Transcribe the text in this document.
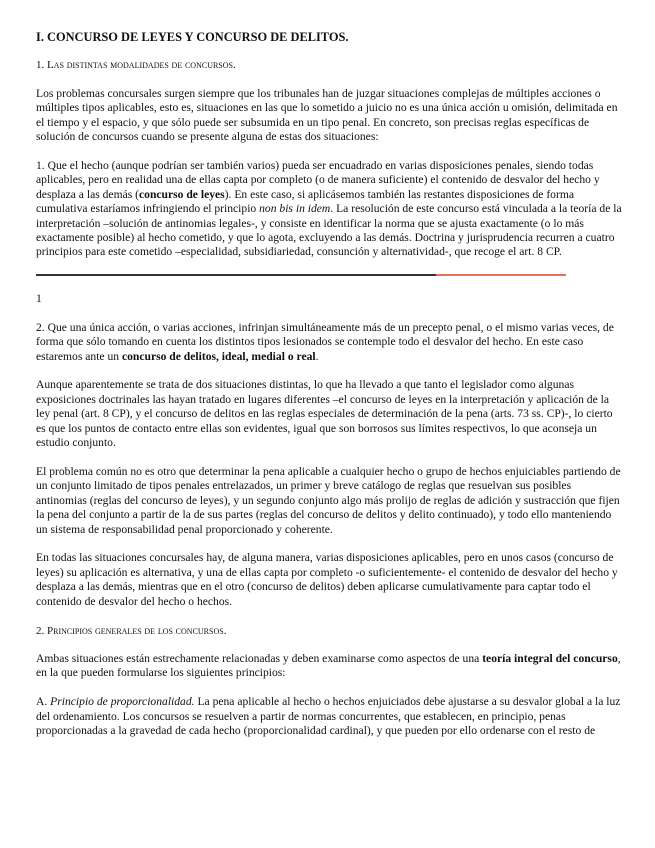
I. CONCURSO DE LEYES Y CONCURSO DE DELITOS.
1. Las distintas modalidades de concursos.

Los problemas concursales surgen siempre que los tribunales han de juzgar situaciones complejas de múltiples acciones o múltiples tipos aplicables, esto es, situaciones en las que lo sometido a juicio no es una única acción u omisión, delimitada en el tiempo y el espacio, y que sólo puede ser subsumida en un tipo penal. En concreto, son precisas reglas específicas de solución de concursos cuando se presente alguna de estas dos situaciones:

1. Que el hecho (aunque podrían ser también varios) pueda ser encuadrado en varias disposiciones penales, siendo todas aplicables, pero en realidad una de ellas capta por completo (o de manera suficiente) el contenido de desvalor del hecho y desplaza a las demás (concurso de leyes). En este caso, si aplicásemos también las restantes disposiciones de forma cumulativa estaríamos infringiendo el principio non bis in idem. La resolución de este concurso está vinculada a la teoría de la interpretación –solución de antinomias legales-, y consiste en identificar la norma que se ajusta exactamente (o lo más exactamente posible) al hecho cometido, y que lo agota, excluyendo a las demás. Doctrina y jurisprudencia recurren a cuatro principios para este cometido –especialidad, subsidiariedad, consunción y alternatividad-, que recoge el art. 8 CP.

1

2. Que una única acción, o varias acciones, infrinjan simultáneamente más de un precepto penal, o el mismo varias veces, de forma que sólo tomando en cuenta los distintos tipos lesionados se contemple todo el desvalor del hecho. En este caso estaremos ante un concurso de delitos, ideal, medial o real.

Aunque aparentemente se trata de dos situaciones distintas, lo que ha llevado a que tanto el legislador como algunas exposiciones doctrinales las hayan tratado en lugares diferentes –el concurso de leyes en la interpretación y aplicación de la ley penal (art. 8 CP), y el concurso de delitos en las reglas especiales de determinación de la pena (arts. 73 ss. CP)-, lo cierto es que los puntos de contacto entre ellas son evidentes, igual que son borrosos sus límites respectivos, lo que aconseja un estudio conjunto.

El problema común no es otro que determinar la pena aplicable a cualquier hecho o grupo de hechos enjuiciables partiendo de un conjunto limitado de tipos penales entrelazados, un primer y breve catálogo de reglas que resuelvan sus posibles antinomias (reglas del concurso de leyes), y un segundo conjunto algo más prolijo de reglas de adición y sustracción que fijen la pena del conjunto a partir de la de sus partes (reglas del concurso de delitos y delito continuado), y todo ello manteniendo un sistema de responsabilidad penal proporcionado y coherente.

En todas las situaciones concursales hay, de alguna manera, varias disposiciones aplicables, pero en unos casos (concurso de leyes) su aplicación es alternativa, y una de ellas capta por completo -o suficientemente- el contenido de desvalor del hecho y desplaza a las demás, mientras que en el otro (concurso de delitos) deben aplicarse cumulativamente para captar todo el contenido de desvalor del hecho o hechos.

2. Principios generales de los concursos.

Ambas situaciones están estrechamente relacionadas y deben examinarse como aspectos de una teoría integral del concurso, en la que pueden formularse los siguientes principios:

A. Principio de proporcionalidad. La pena aplicable al hecho o hechos enjuiciados debe ajustarse a su desvalor global a la luz del ordenamiento. Los concursos se resuelven a partir de normas concurrentes, que establecen, en principio, penas proporcionadas a la gravedad de cada hecho (proporcionalidad cardinal), y que pueden por ello ordenarse con el resto de
